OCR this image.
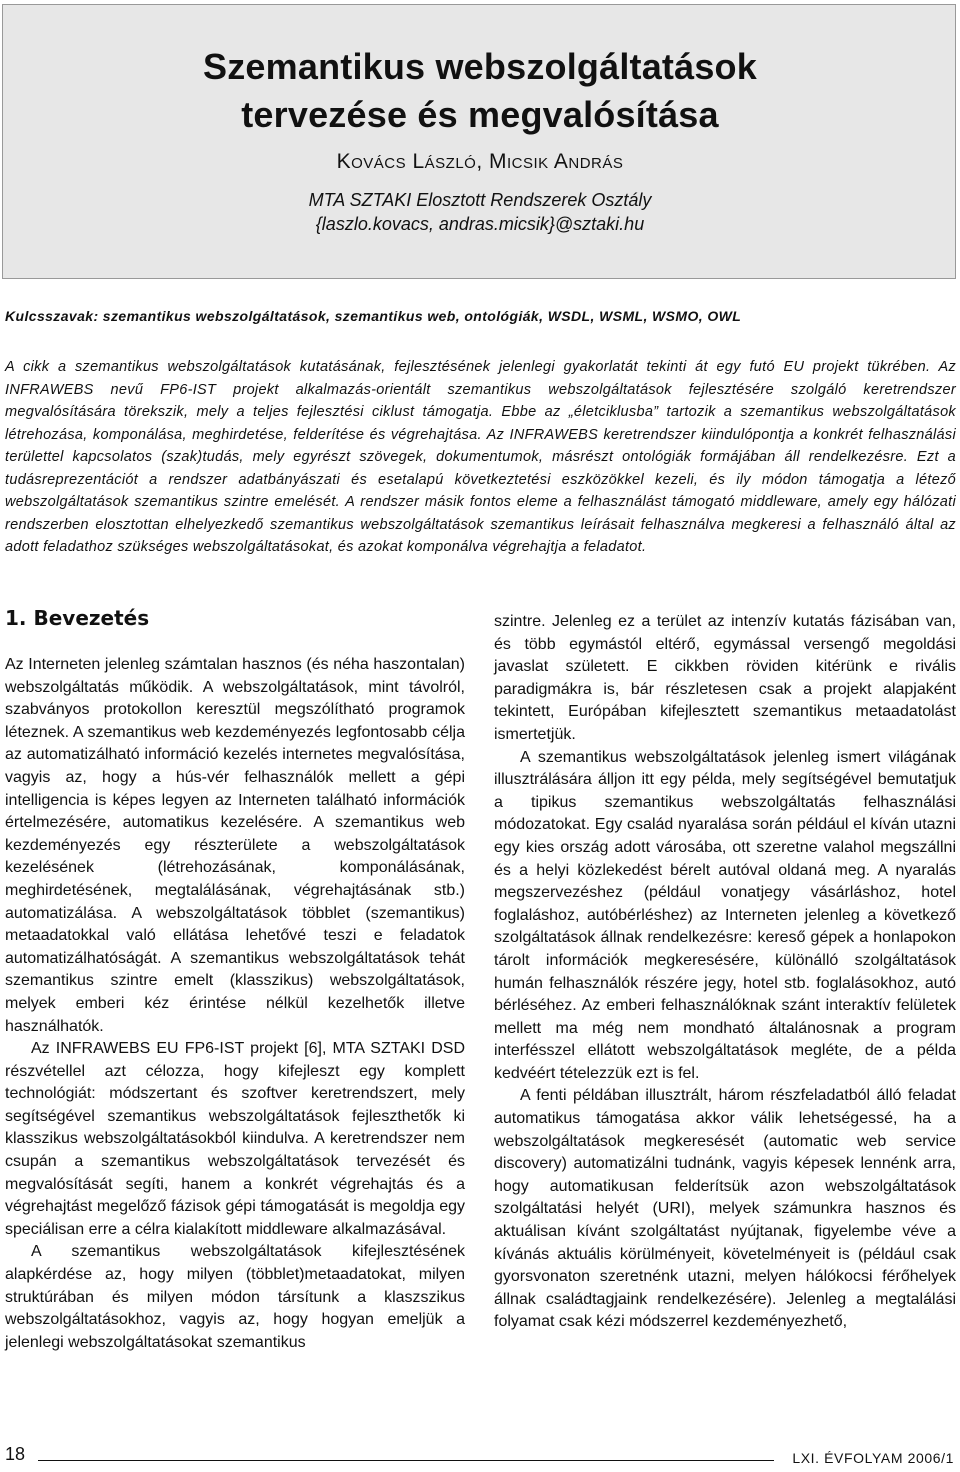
Szemantikus webszolgáltatások
tervezése és megvalósítása
Kovács László, Micsik András
MTA SZTAKI Elosztott Rendszerek Osztály
{laszlo.kovacs, andras.micsik}@sztaki.hu
Kulcsszavak: szemantikus webszolgáltatások, szemantikus web, ontológiák, WSDL, WSML, WSMO, OWL

A cikk a szemantikus webszolgáltatások kutatásának, fejlesztésének jelenlegi gyakorlatát tekinti át egy futó EU projekt tükrében. Az INFRAWEBS nevű FP6-IST projekt alkalmazás-orientált szemantikus webszolgáltatások fejlesztésére szolgáló keretrendszer megvalósítására törekszik, mely a teljes fejlesztési ciklust támogatja. Ebbe az „életciklusba” tartozik a szemantikus webszolgáltatások létrehozása, komponálása, meghirdetése, felderítése és végrehajtása. Az INFRAWEBS keretrendszer kiindulópontja a konkrét felhasználási területtel kapcsolatos (szak)tudás, mely egyrészt szövegek, dokumentumok, másrészt ontológiák formájában áll rendelkezésre. Ezt a tudásreprezentációt a rendszer adatbányászati és esetalapú következtetési eszközökkel kezeli, és ily módon támogatja a létező webszolgáltatások szemantikus szintre emelését. A rendszer másik fontos eleme a felhasználást támogató middleware, amely egy hálózati rendszerben elosztottan elhelyezkedő szemantikus webszolgáltatások szemantikus leírásait felhasználva megkeresi a felhasználó által az adott feladathoz szükséges webszolgáltatásokat, és azokat komponálva végrehajtja a feladatot.

1. Bevezetés

Az Interneten jelenleg számtalan hasznos (és néha haszontalan) webszolgáltatás működik. A webszolgáltatások, mint távolról, szabványos protokollon keresztül megszólítható programok léteznek. A szemantikus web kezdeményezés legfontosabb célja az automatizálható információ kezelés internetes megvalósítása, vagyis az, hogy a hús-vér felhasználók mellett a gépi intelligencia is képes legyen az Interneten található információk értelmezésére, automatikus kezelésére. A szemantikus web kezdeményezés egy részterülete a webszolgáltatások kezelésének (létrehozásának, komponálásának, meghirdetésének, megtalálásának, végrehajtásának stb.) automatizálása. A webszolgáltatások többlet (szemantikus) metaadatokkal való ellátása lehetővé teszi e feladatok automatizálhatóságát. A szemantikus webszolgáltatások tehát szemantikus szintre emelt (klasszikus) webszolgáltatások, melyek emberi kéz érintése nélkül kezelhetők illetve használhatók.

Az INFRAWEBS EU FP6-IST projekt [6], MTA SZTAKI DSD részvétellel azt célozza, hogy kifejleszt egy komplett technológiát: módszertant és szoftver keretrendszert, mely segítségével szemantikus webszolgáltatások fejleszthetők ki klasszikus webszolgáltatásokból kiindulva. A keretrendszer nem csupán a szemantikus webszolgáltatások tervezését és megvalósítását segíti, hanem a konkrét végrehajtás és a végrehajtást megelőző fázisok gépi támogatását is megoldja egy speciálisan erre a célra kialakított middleware alkalmazásával.

A szemantikus webszolgáltatások kifejlesztésének alapkérdése az, hogy milyen (többlet)metaadatokat, milyen struktúrában és milyen módon társítunk a klaszszikus webszolgáltatásokhoz, vagyis az, hogy hogyan emeljük a jelenlegi webszolgáltatásokat szemantikus

szintre. Jelenleg ez a terület az intenzív kutatás fázisában van, és több egymástól eltérő, egymással versengő megoldási javaslat született. E cikkben röviden kitérünk e rivális paradigmákra is, bár részletesen csak a projekt alapjaként tekintett, Európában kifejlesztett szemantikus metaadatolást ismertetjük.

A szemantikus webszolgáltatások jelenleg ismert világának illusztrálására álljon itt egy példa, mely segítségével bemutatjuk a tipikus szemantikus webszolgáltatás felhasználási módozatokat. Egy család nyaralása során például el kíván utazni egy kies ország adott városába, ott szeretne valahol megszállni és a helyi közlekedést bérelt autóval oldaná meg. A nyaralás megszervezéshez (például vonatjegy vásárláshoz, hotel foglaláshoz, autóbérléshez) az Interneten jelenleg a következő szolgáltatások állnak rendelkezésre: kereső gépek a honlapokon tárolt információk megkeresésére, különálló szolgáltatások humán felhasználók részére jegy, hotel stb. foglalásokhoz, autó bérléséhez. Az emberi felhasználóknak szánt interaktív felületek mellett ma még nem mondható általánosnak a program interfésszel ellátott webszolgáltatások megléte, de a példa kedvéért tételezzük ezt is fel.

A fenti példában illusztrált, három részfeladatból álló feladat automatikus támogatása akkor válik lehetségessé, ha a webszolgáltatások megkeresését (automatic web service discovery) automatizálni tudnánk, vagyis képesek lennénk arra, hogy automatikusan felderítsük azon webszolgáltatások szolgáltatási helyét (URI), melyek számunkra hasznos és aktuálisan kívánt szolgáltatást nyújtanak, figyelembe véve a kívánás aktuális körülményeit, követelményeit is (például csak gyorsvonaton szeretnénk utazni, melyen hálókocsi férőhelyek állnak családtagjaink rendelkezésére). Jelenleg a megtalálási folyamat csak kézi módszerrel kezdeményezhető,

18	LXI. ÉVFOLYAM 2006/1
